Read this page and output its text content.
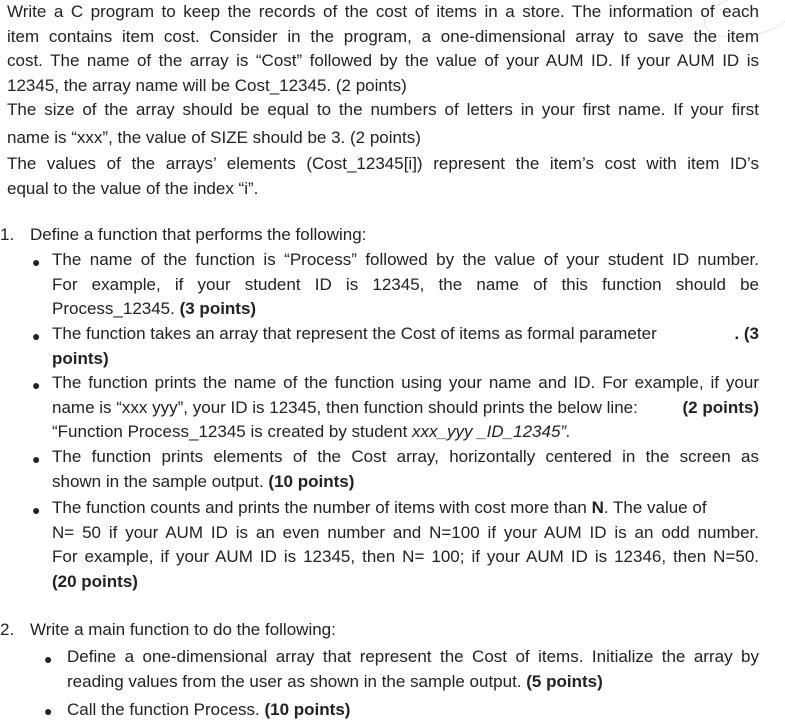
Write a C program to keep the records of the cost of items in a store. The information of each
item contains item cost. Consider in the program, a one-dimensional array to save the item
cost. The name of the array is “Cost” followed by the value of your AUM ID. If your AUM ID is
12345, the array name will be Cost_12345. (2 points)
The size of the array should be equal to the numbers of letters in your first name. If your first
name is “xxx”, the value of SIZE should be 3. (2 points)
The values of the arrays’ elements (Cost_12345[i]) represent the item’s cost with item ID’s
equal to the value of the index “i”.
1. Define a function that performs the following:
● The name of the function is “Process” followed by the value of your student ID number.
For example, if your student ID is 12345, the name of this function should be
Process_12345. (3 points)
● The function takes an array that represent the Cost of items as formal parameter	. (3
points)
● The function prints the name of the function using your name and ID. For example, if your
name is “xxx yyy”, your ID is 12345, then function should prints the below line:	(2 points)
“Function Process_12345 is created by student xxx_yyy _ID_12345”.
● The function prints elements of the Cost array, horizontally centered in the screen as
shown in the sample output. (10 points)
● The function counts and prints the number of items with cost more than N. The value of
N= 50 if your AUM ID is an even number and N=100 if your AUM ID is an odd number.
For example, if your AUM ID is 12345, then N= 100; if your AUM ID is 12346, then N=50.
(20 points)
2. Write a main function to do the following:
● Define a one-dimensional array that represent the Cost of items. Initialize the array by
reading values from the user as shown in the sample output. (5 points)
● Call the function Process. (10 points)
